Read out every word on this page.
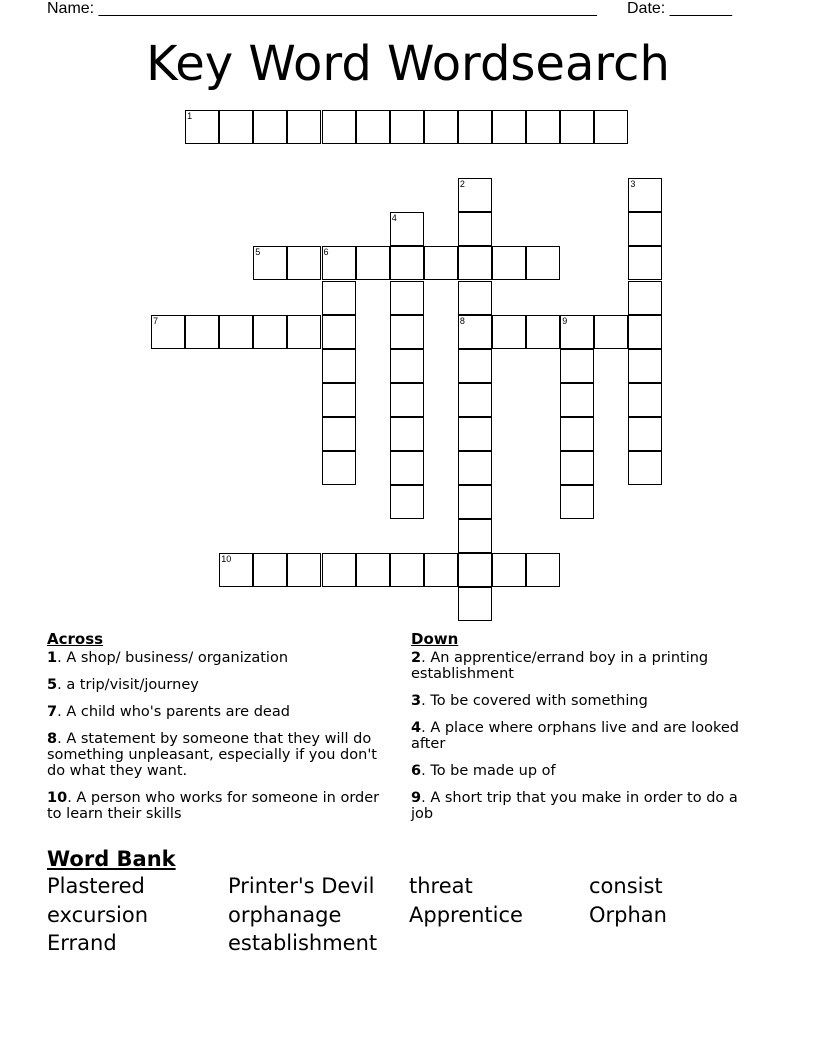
Name: ________________________________________________________ Date: _______
Key Word Wordsearch
1
2
8
3
4
5	6
7	9
10
Across
1. A shop/ business/ organization
5. a trip/visit/journey
7. A child who's parents are dead
8. A statement by someone that they will do something unpleasant, especially if you don't do what they want.
10. A person who works for someone in order to learn their skills
Down
2. An apprentice/errand boy in a printing establishment
3. To be covered with something
4. A place where orphans live and are looked after
6. To be made up of
9. A short trip that you make in order to do a job
Word Bank
Plastered	Printer's Devil	threat	consist
excursion	orphanage	Apprentice	Orphan
Errand	establishment
